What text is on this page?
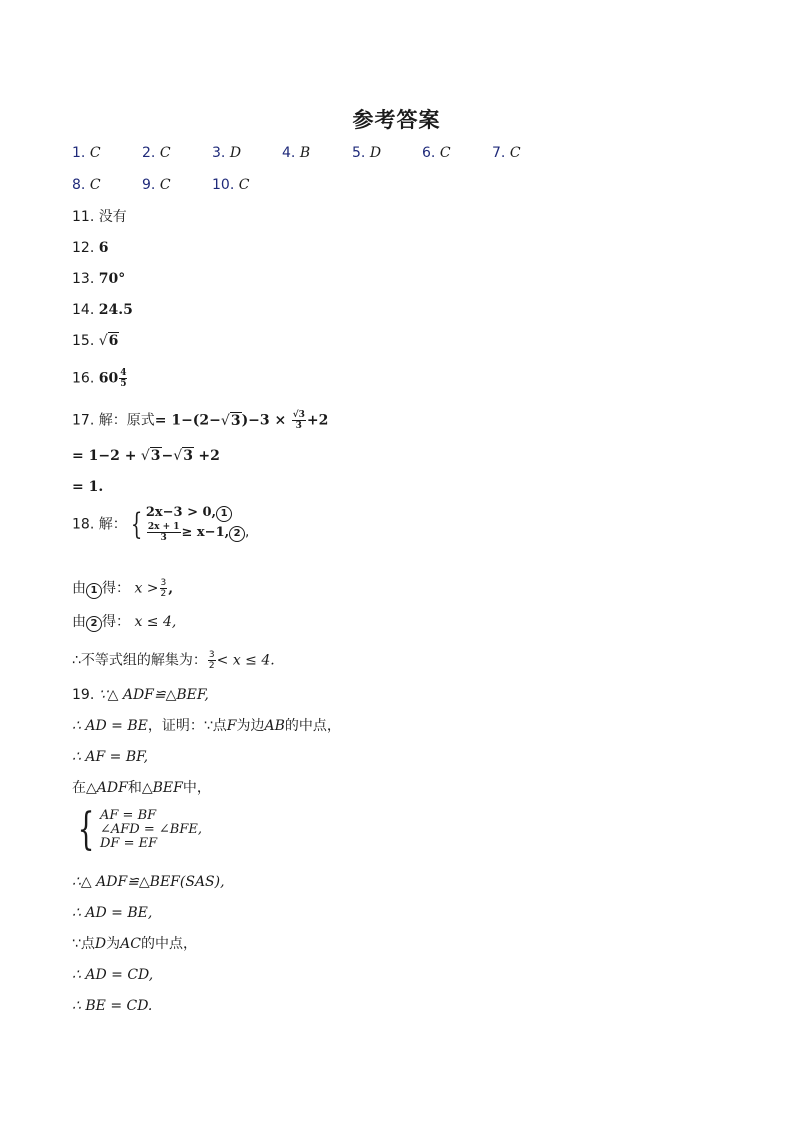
参考答案
1. C	2. C	3. D	4. B	5. D	6. C	7. C
8. C	9. C	10. C
11. 没有
12. 6
13. 70°
14. 24.5
15. √6
16. $60 \frac{4}{5}$
17. 解：原式= $1-(2-√3)-3 \times \frac{√3}{3} +2$
= 1−2 + √3−√3 +2
= 1.
18. 解： { 2x−3 > 0, 1
$\frac{2x + 1}{3} \ge x-1$, 2 ,
由 1 得： $x > \frac{3}{2}$ ,
由 2 得： x ≤ 4,
∴不等式组的解集为： $\frac{3}{2} < x \le 4$.
19. ∵△ ADF≌△BEF,
∴ AD = BE，证明：∵点F为边AB的中点，
∴ AF = BF,
在△ADF和△BEF中，
{ AF = BF
∠AFD = ∠BFE,
DF = EF
∴△ ADF≌△BEF(SAS),
∴ AD = BE,
∵点D为AC的中点，
∴ AD = CD,
∴ BE = CD.
